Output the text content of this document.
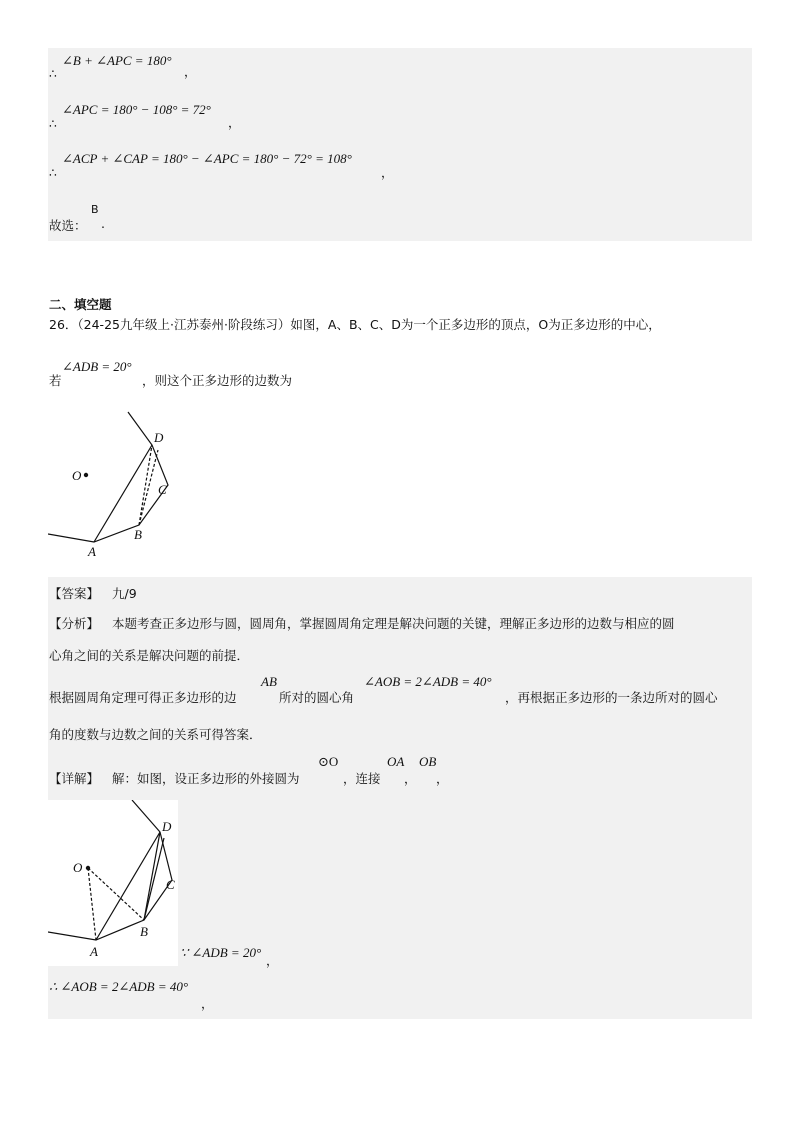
∠B + ∠APC = 180°
，
∴
∠APC = 180° − 108° = 72°
，
∴
∠ACP + ∠CAP = 180° − ∠APC = 180° − 72° = 108°
，
∴
B
故选： .
二、填空题
26．（24-25九年级上·江苏泰州·阶段练习）如图，A、B、C、D为一个正多边形的顶点，O为正多边形的中心，
∠ADB = 20°
若	，则这个正多边形的边数为
D
C
B
A
O
【答案】 九/9
【分析】 本题考查正多边形与圆，圆周角，掌握圆周角定理是解决问题的关键，理解正多边形的边数与相应的圆
心角之间的关系是解决问题的前提．
AB	∠AOB = 2∠ADB = 40°
根据圆周角定理可得正多边形的边	所对的圆心角	，再根据正多边形的一条边所对的圆心
角的度数与边数之间的关系可得答案．
⊙O	OA OB
【详解】 解：如图，设正多边形的外接圆为	，连接 ， ，
D
C
B
A
O
∵ ∠ADB = 20°
，
∴ ∠AOB = 2∠ADB = 40°
，
